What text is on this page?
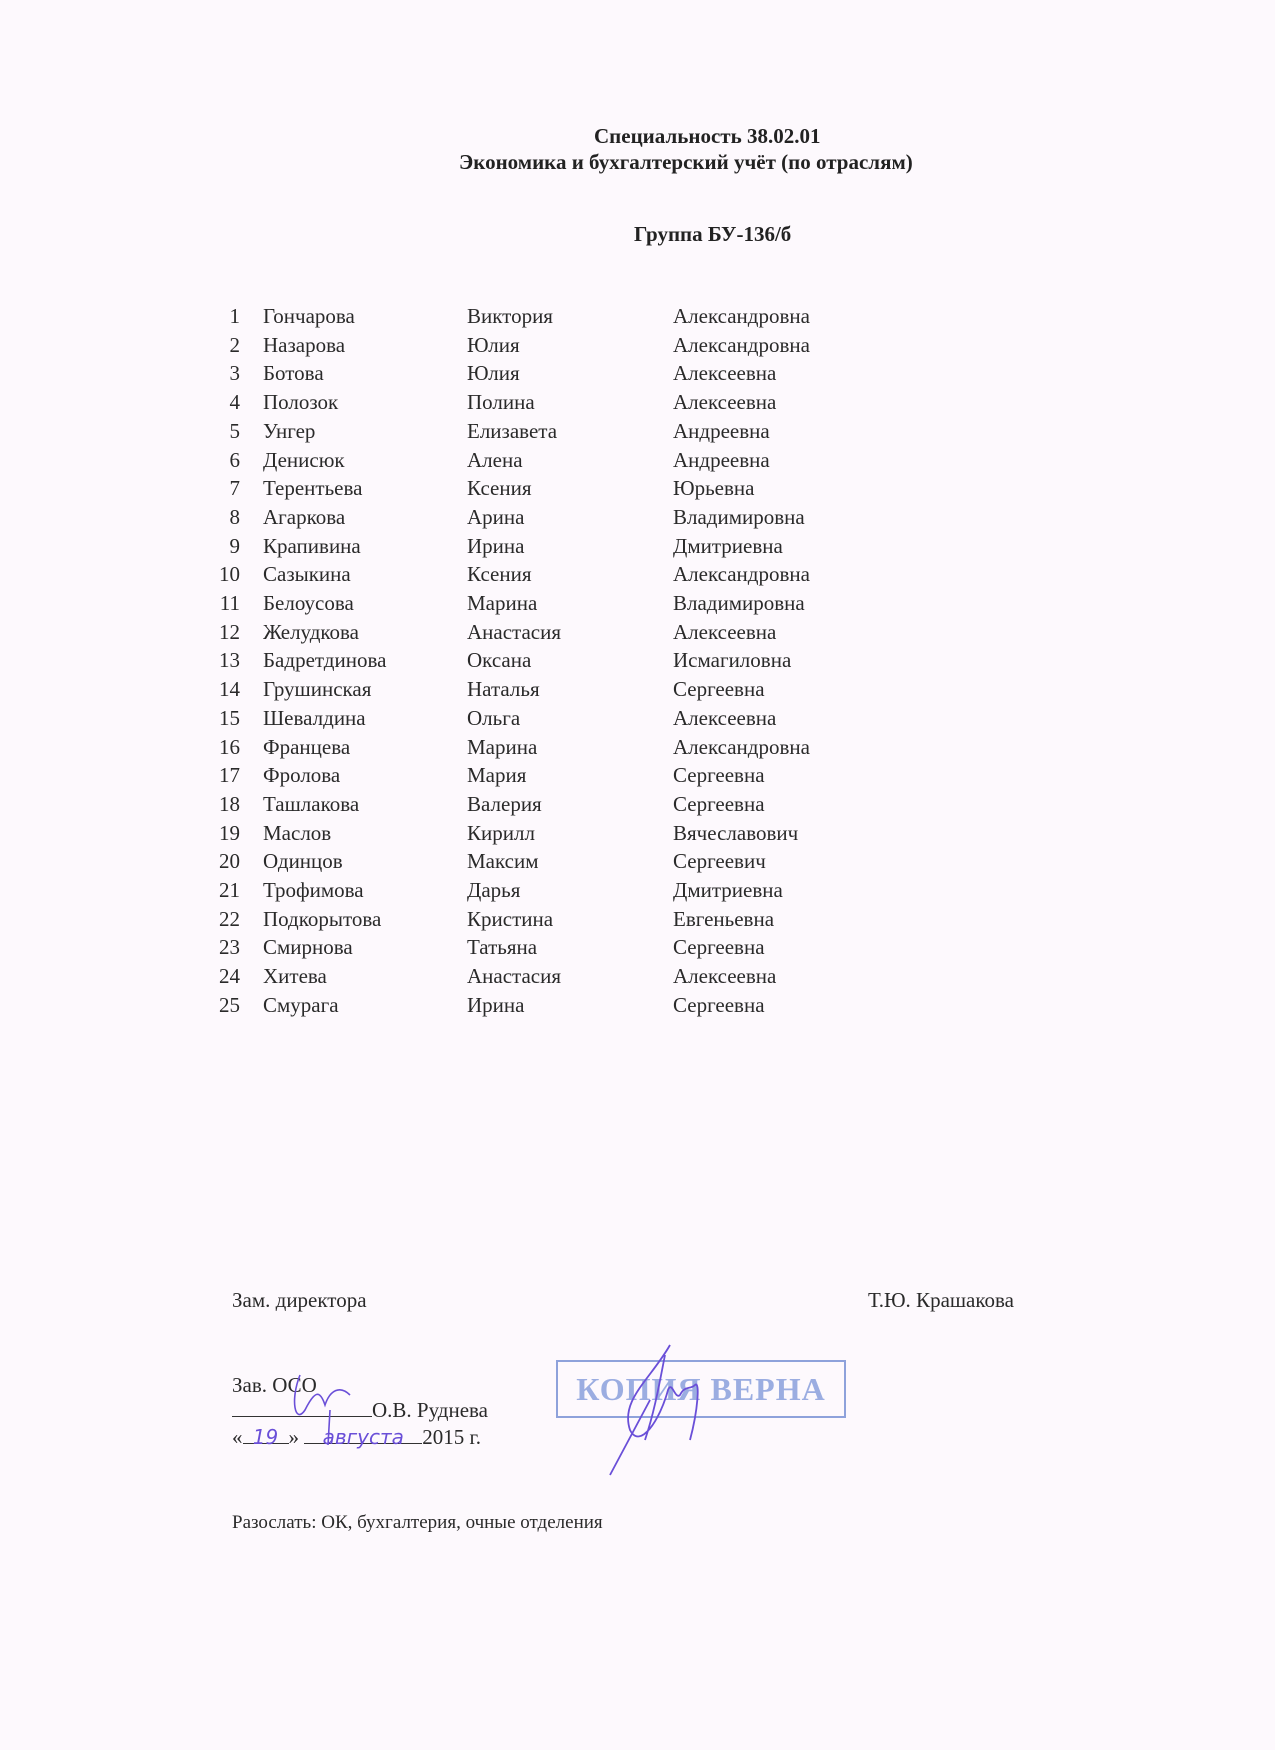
Специальность 38.02.01
Экономика и бухгалтерский учёт (по отраслям)
Группа БУ-136/б
1 Гончарова	Виктория	Александровна
2 Назарова	Юлия	Александровна
3 Ботова	Юлия	Алексеевна
4 Полозок	Полина	Алексеевна
5 Унгер	Елизавета	Андреевна
6 Денисюк	Алена	Андреевна
7 Терентьева	Ксения	Юрьевна
8 Агаркова	Арина	Владимировна
9 Крапивина	Ирина	Дмитриевна
10 Сазыкина	Ксения	Александровна
11 Белоусова	Марина	Владимировна
12 Желудкова	Анастасия	Алексеевна
13 Бадретдинова	Оксана	Исмагиловна
14 Грушинская	Наталья	Сергеевна
15 Шевалдина	Ольга	Алексеевна
16 Францева	Марина	Александровна
17 Фролова	Мария	Сергеевна
18 Ташлакова	Валерия	Сергеевна
19 Маслов	Кирилл	Вячеславович
20 Одинцов	Максим	Сергеевич
21 Трофимова	Дарья	Дмитриевна
22 Подкорытова	Кристина	Евгеньевна
23 Смирнова	Татьяна	Сергеевна
24 Хитева	Анастасия	Алексеевна
25 Смурага	Ирина	Сергеевна
Зам. директора	Т.Ю. Крашакова
Зав. ОСО
О.В. Руднева
« 19 » августа 2015 г.
КОПИЯ ВЕРНА
Разослать: ОК, бухгалтерия, очные отделения
